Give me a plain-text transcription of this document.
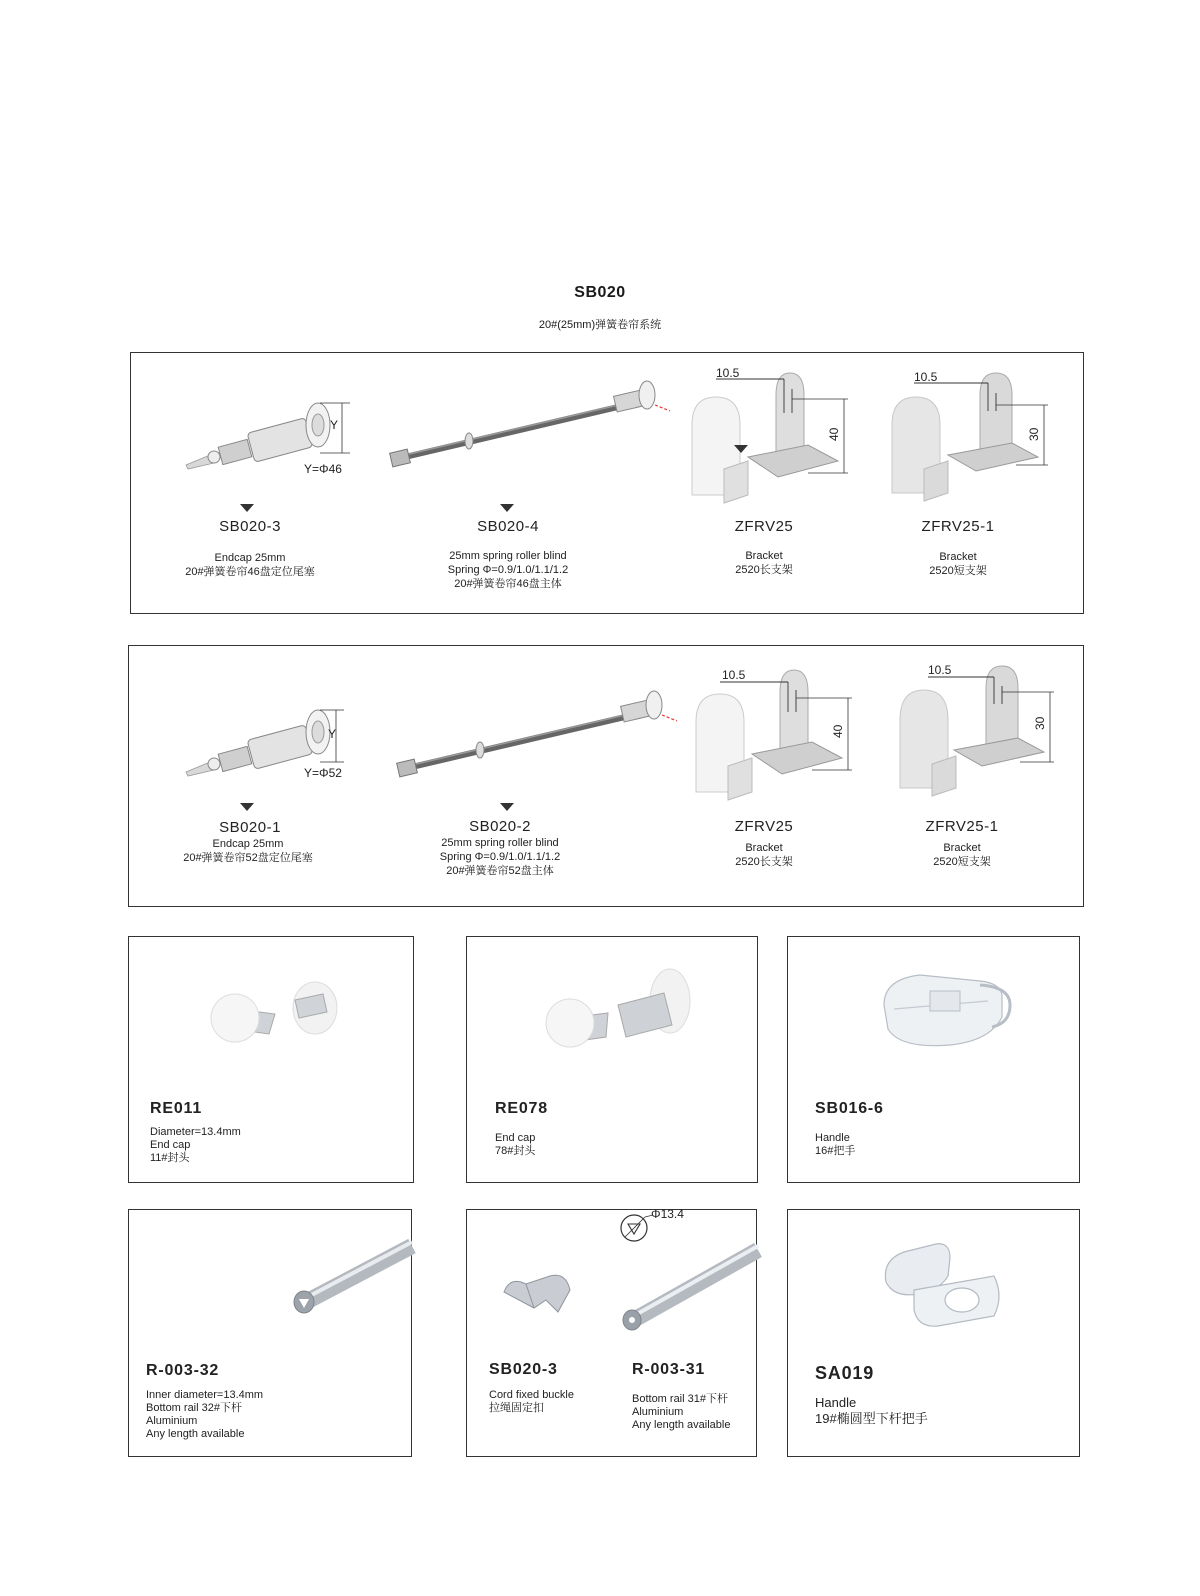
SB020
20#(25mm)弹簧卷帘系统
Y
Y=Φ46
SB020-3
Endcap 25mm
20#弹簧卷帘46盘定位尾塞
SB020-4
25mm spring roller blind
Spring Φ=0.9/1.0/1.1/1.2
20#弹簧卷帘46盘主体
10.5
40
ZFRV25
Bracket
2520长支架
10.5
30
ZFRV25-1
Bracket
2520短支架
Y
Y=Φ52
SB020-1
Endcap 25mm
20#弹簧卷帘52盘定位尾塞
SB020-2
25mm spring roller blind
Spring Φ=0.9/1.0/1.1/1.2
20#弹簧卷帘52盘主体
10.5
40
ZFRV25
Bracket
2520长支架
10.5
30
ZFRV25-1
Bracket
2520短支架
RE011
Diameter=13.4mm
End cap
11#封头
RE078
End cap
78#封头
SB016-6
Handle
16#把手
R-003-32
Inner diameter=13.4mm
Bottom rail 32#下杆
Aluminium
Any length available
Φ13.4
SB020-3
Cord fixed buckle
拉绳固定扣
R-003-31
Bottom rail 31#下杆
Aluminium
Any length available
SA019
Handle
19#椭圆型下杆把手
